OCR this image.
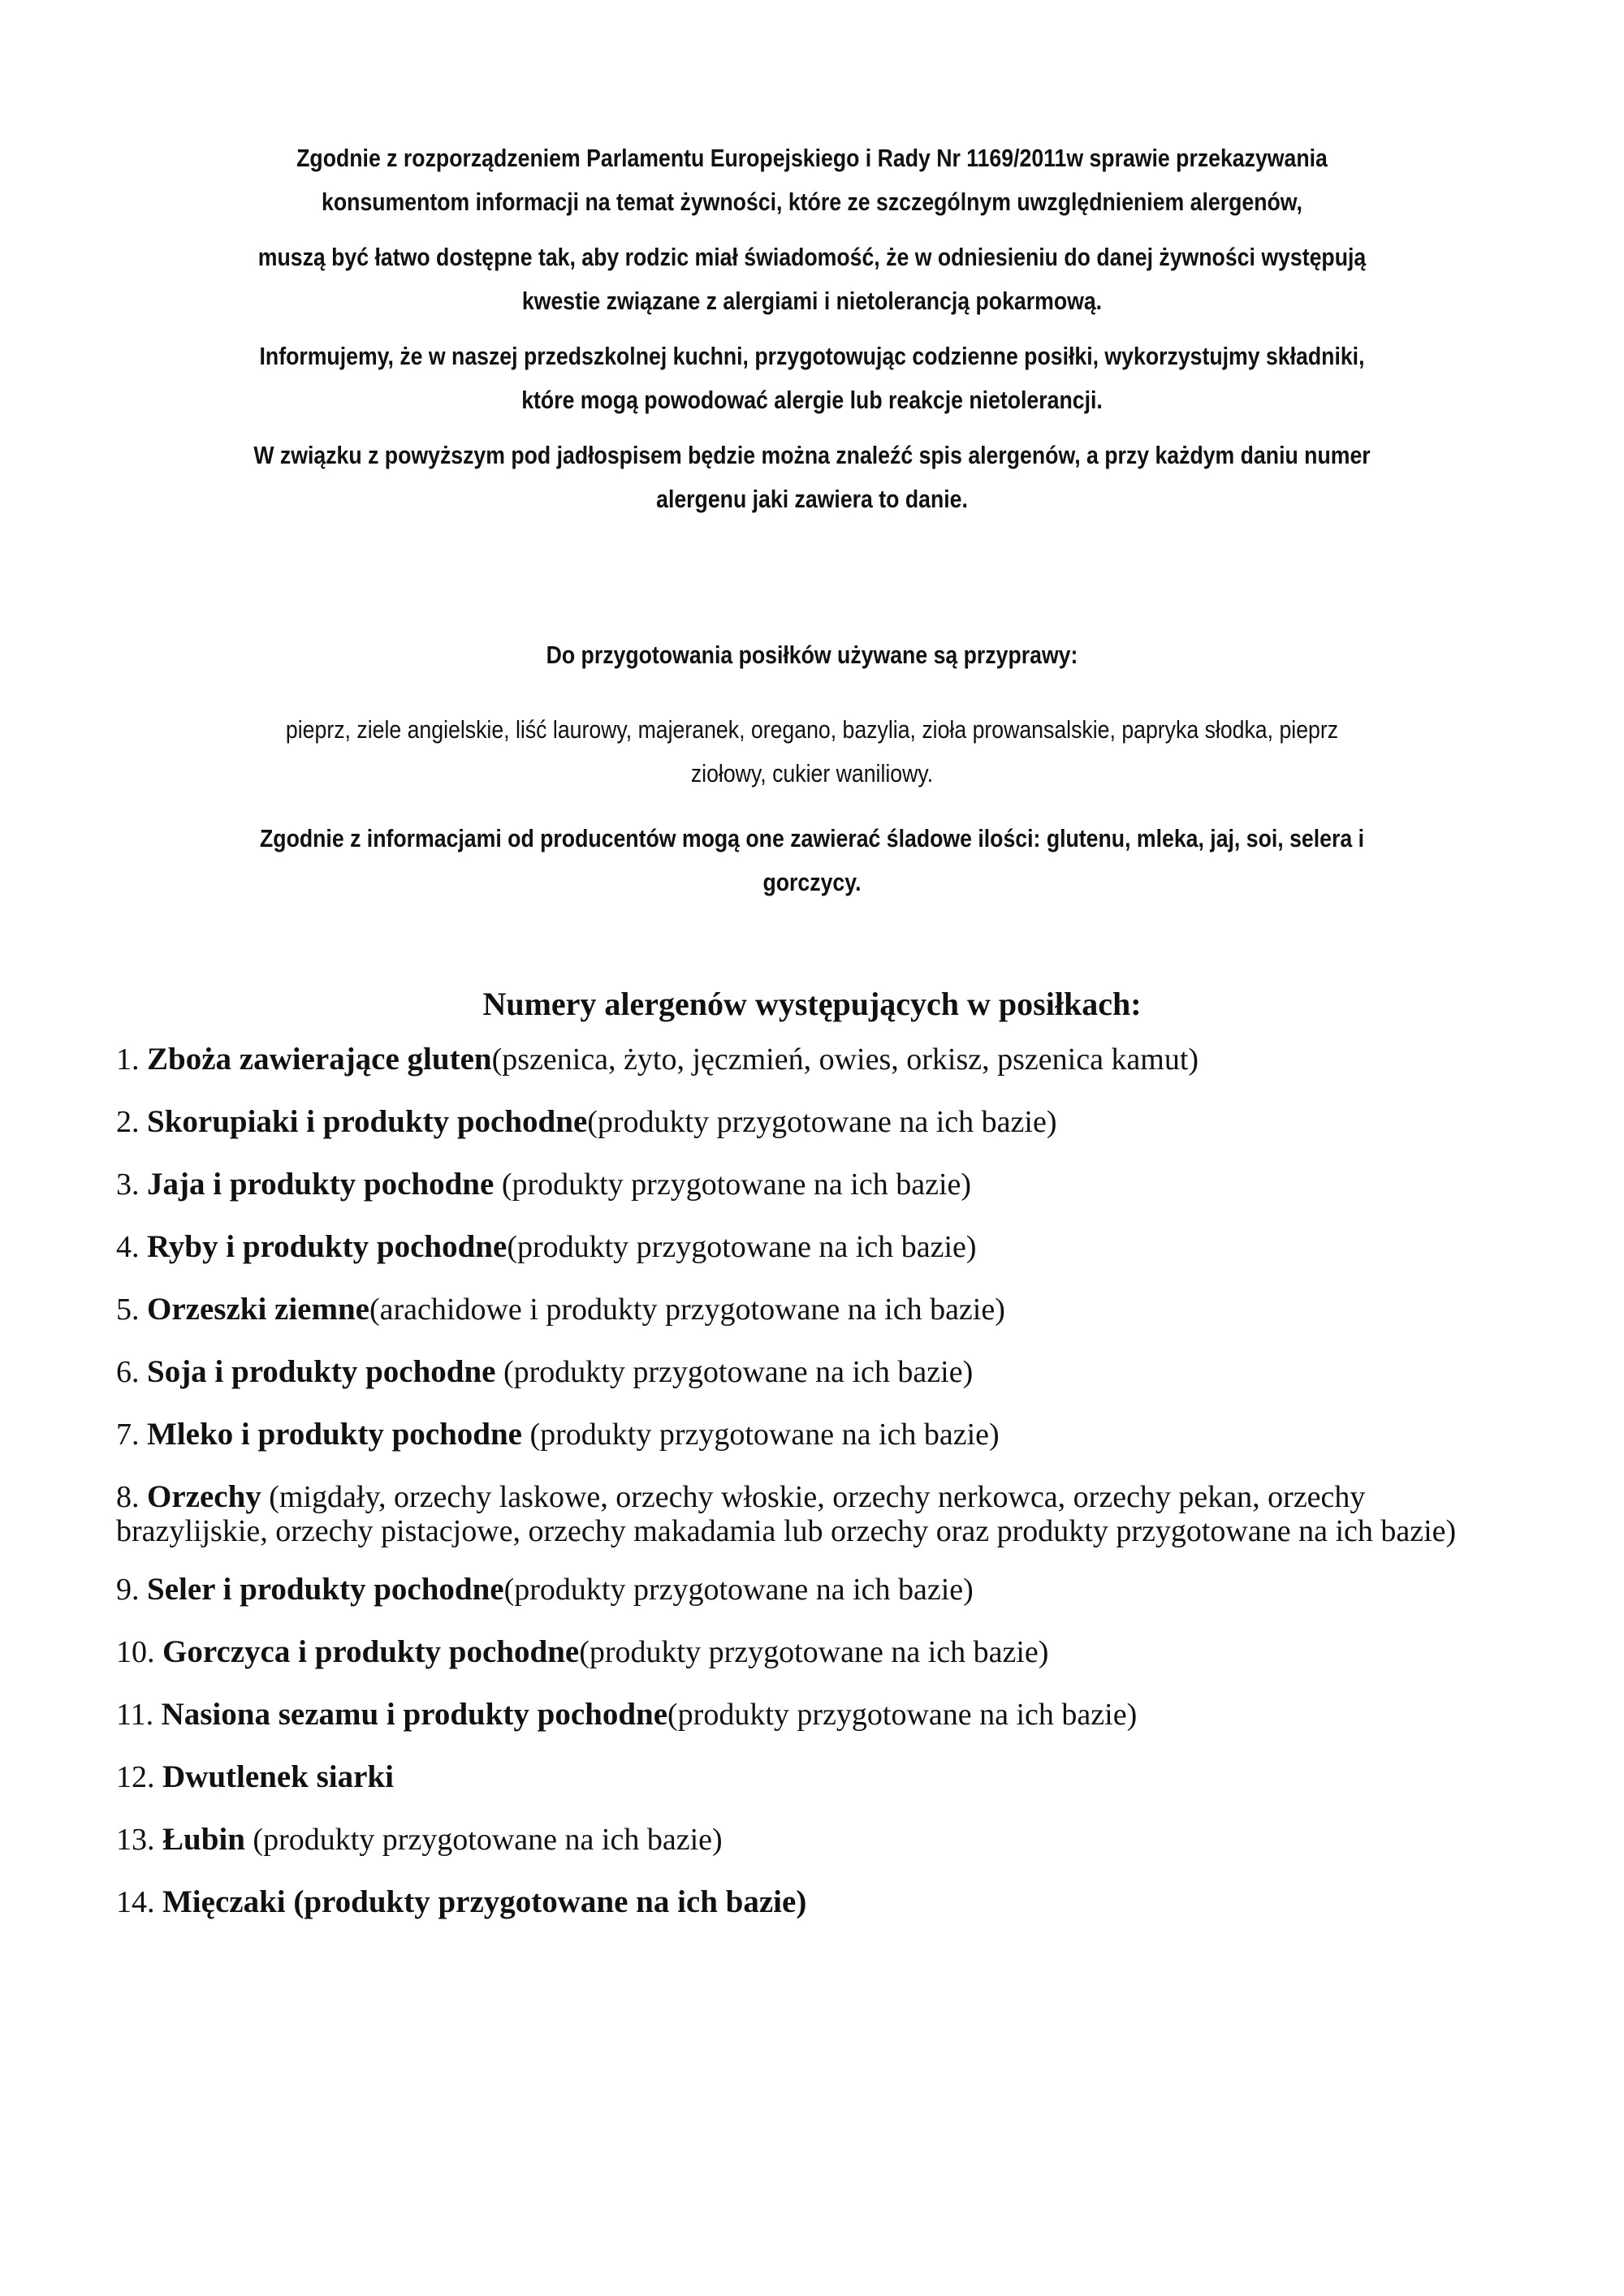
Zgodnie z rozporządzeniem Parlamentu Europejskiego i Rady Nr 1169/2011w sprawie przekazywania
konsumentom informacji na temat żywności, które ze szczególnym uwzględnieniem alergenów,

muszą być łatwo dostępne tak, aby rodzic miał świadomość, że w odniesieniu do danej żywności występują
kwestie związane z alergiami i nietolerancją pokarmową.

Informujemy, że w naszej przedszkolnej kuchni, przygotowując codzienne posiłki, wykorzystujmy składniki,
które mogą powodować alergie lub reakcje nietolerancji.

W związku z powyższym pod jadłospisem będzie można znaleźć spis alergenów, a przy każdym daniu numer
alergenu jaki zawiera to danie.

Do przygotowania posiłków używane są przyprawy:
pieprz, ziele angielskie, liść laurowy, majeranek, oregano, bazylia, zioła prowansalskie, papryka słodka, pieprz
ziołowy, cukier waniliowy.
Zgodnie z informacjami od producentów mogą one zawierać śladowe ilości: glutenu, mleka, jaj, soi, selera i
gorczycy.
Numery alergenów występujących w posiłkach:
1. Zboża zawierające gluten(pszenica, żyto, jęczmień, owies, orkisz, pszenica kamut)
2. Skorupiaki i produkty pochodne(produkty przygotowane na ich bazie)
3. Jaja i produkty pochodne (produkty przygotowane na ich bazie)
4. Ryby i produkty pochodne(produkty przygotowane na ich bazie)
5. Orzeszki ziemne(arachidowe i produkty przygotowane na ich bazie)
6. Soja i produkty pochodne (produkty przygotowane na ich bazie)
7. Mleko i produkty pochodne (produkty przygotowane na ich bazie)
8. Orzechy (migdały, orzechy laskowe, orzechy włoskie, orzechy nerkowca, orzechy pekan, orzechy brazylijskie, orzechy pistacjowe, orzechy makadamia lub orzechy oraz produkty przygotowane na ich bazie)
9. Seler i produkty pochodne(produkty przygotowane na ich bazie)
10. Gorczyca i produkty pochodne(produkty przygotowane na ich bazie)
11. Nasiona sezamu i produkty pochodne(produkty przygotowane na ich bazie)
12. Dwutlenek siarki
13. Łubin (produkty przygotowane na ich bazie)
14. Mięczaki (produkty przygotowane na ich bazie)
